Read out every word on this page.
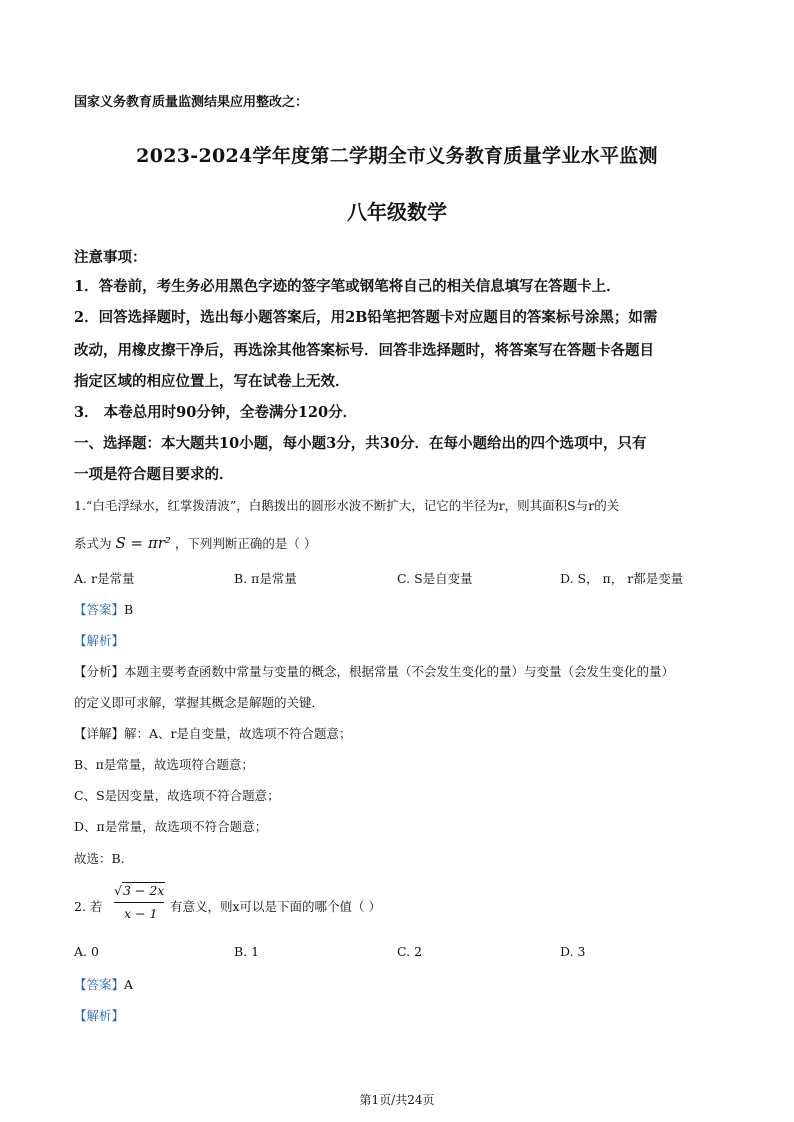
国家义务教育质量监测结果应用整改之：
2023-2024学年度第二学期全市义务教育质量学业水平监测
八年级数学
注意事项：
1．答卷前，考生务必用黑色字迹的签字笔或钢笔将自己的相关信息填写在答题卡上．
2．回答选择题时，选出每小题答案后，用2B铅笔把答题卡对应题目的答案标号涂黑；如需
改动，用橡皮擦干净后，再选涂其他答案标号．回答非选择题时，将答案写在答题卡各题目
指定区域的相应位置上，写在试卷上无效．
3． 本卷总用时90分钟，全卷满分120分．
一、选择题：本大题共10小题，每小题3分，共30分．在每小题给出的四个选项中，只有
一项是符合题目要求的．
1.“白毛浮绿水，红掌拨清波”，白鹅拨出的圆形水波不断扩大，记它的半径为r，则其面积S与r的关
系式为 S = πr² ，下列判断正确的是（ ）
A. r是常量	B. π是常量	C. S是自变量	D. S， π， r都是变量
【答案】B
【解析】
【分析】本题主要考查函数中常量与变量的概念，根据常量（不会发生变化的量）与变量（会发生变化的量）
的定义即可求解，掌握其概念是解题的关键．
【详解】解：A、r是自变量，故选项不符合题意；
B、π是常量，故选项符合题意；
C、S是因变量，故选项不符合题意；
D、π是常量，故选项不符合题意；
故选：B.
2. 若
√3 − 2x
x − 1 有意义，则x可以是下面的哪个值（ ）
A. 0	B. 1	C. 2	D. 3
【答案】A
【解析】
第1页/共24页
